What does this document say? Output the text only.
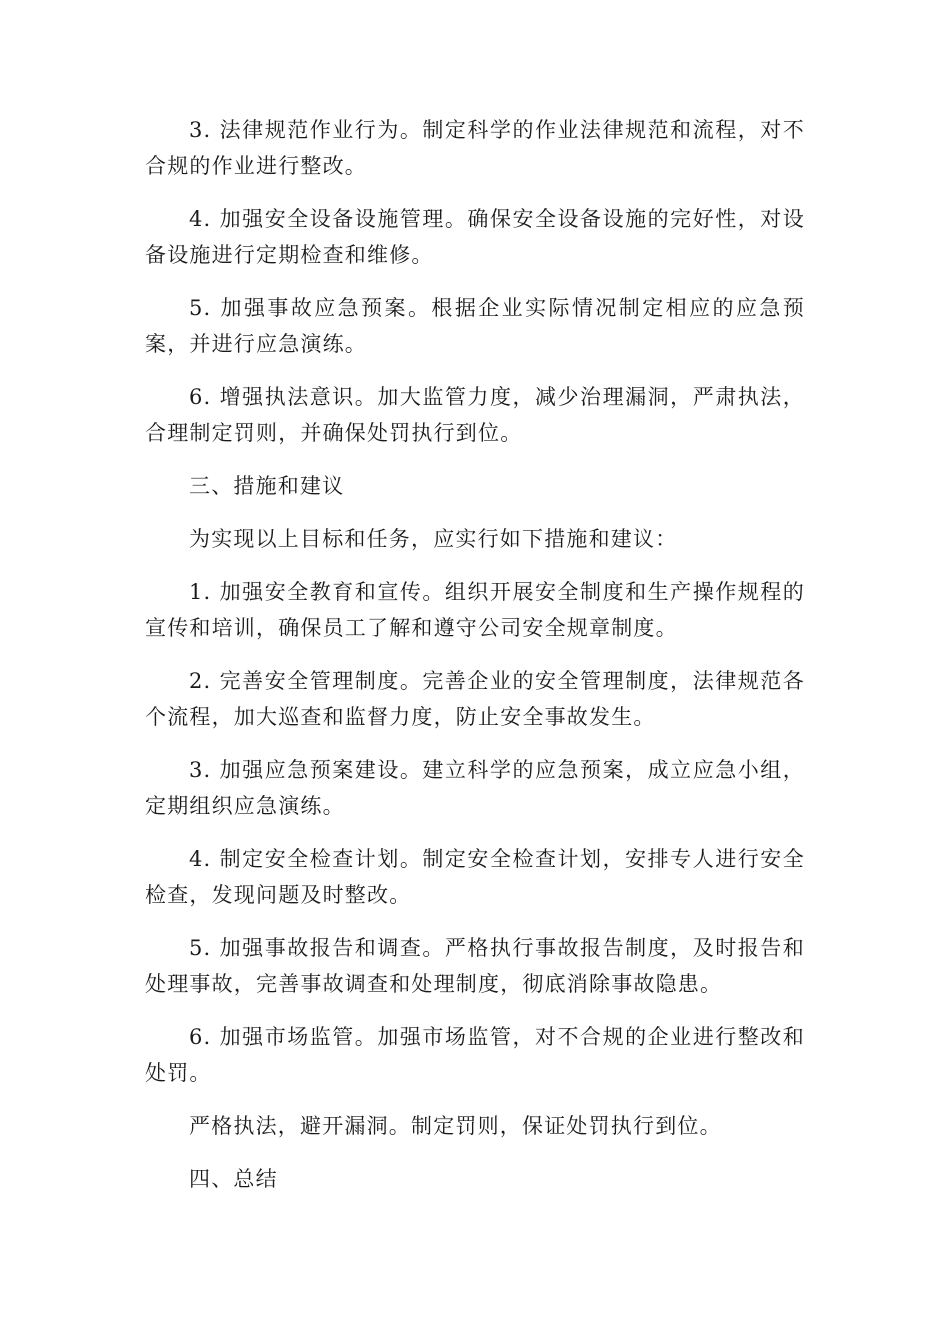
3. 法律规范作业行为。制定科学的作业法律规范和流程，对不合规的作业进行整改。

4. 加强安全设备设施管理。确保安全设备设施的完好性，对设备设施进行定期检查和维修。

5. 加强事故应急预案。根据企业实际情况制定相应的应急预案，并进行应急演练。

6. 增强执法意识。加大监管力度，减少治理漏洞，严肃执法，合理制定罚则，并确保处罚执行到位。

三、措施和建议

为实现以上目标和任务，应实行如下措施和建议：

1. 加强安全教育和宣传。组织开展安全制度和生产操作规程的宣传和培训，确保员工了解和遵守公司安全规章制度。

2. 完善安全管理制度。完善企业的安全管理制度，法律规范各个流程，加大巡查和监督力度，防止安全事故发生。

3. 加强应急预案建设。建立科学的应急预案，成立应急小组，定期组织应急演练。

4. 制定安全检查计划。制定安全检查计划，安排专人进行安全检查，发现问题及时整改。

5. 加强事故报告和调查。严格执行事故报告制度，及时报告和处理事故，完善事故调查和处理制度，彻底消除事故隐患。

6. 加强市场监管。加强市场监管，对不合规的企业进行整改和处罚。

严格执法，避开漏洞。制定罚则，保证处罚执行到位。

四、总结
